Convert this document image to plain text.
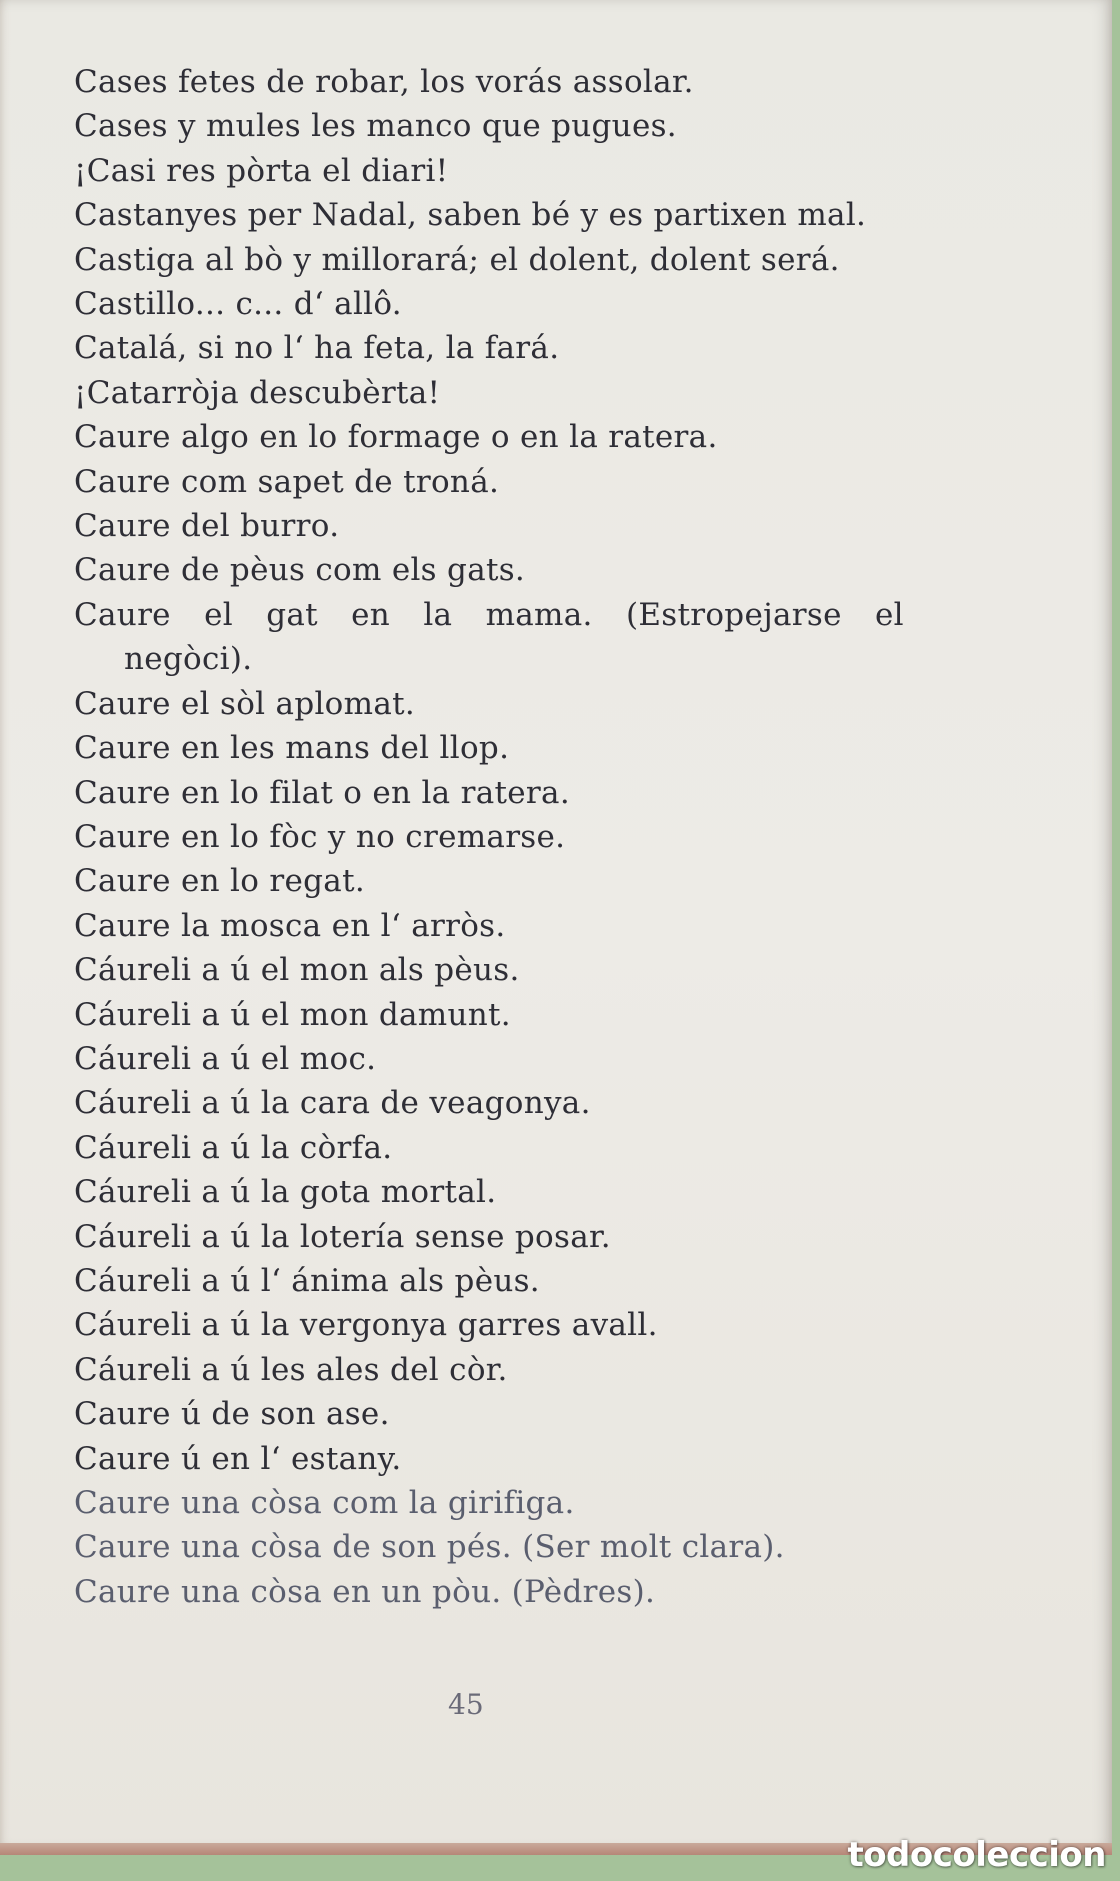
Cases fetes de robar, los vorás assolar.
Cases y mules les manco que pugues.
¡Casi res pòrta el diari!
Castanyes per Nadal, saben bé y es partixen mal.
Castiga al bò y millorará; el dolent, dolent será.
Castillo... c... d‘ allô.
Catalá, si no l‘ ha feta, la fará.
¡Catarròja descubèrta!
Caure algo en lo formage o en la ratera.
Caure com sapet de troná.
Caure del burro.
Caure de pèus com els gats.
Caure el gat en la mama. (Estropejarse el
negòci).
Caure el sòl aplomat.
Caure en les mans del llop.
Caure en lo filat o en la ratera.
Caure en lo fòc y no cremarse.
Caure en lo regat.
Caure la mosca en l‘ arròs.
Cáureli a ú el mon als pèus.
Cáureli a ú el mon damunt.
Cáureli a ú el moc.
Cáureli a ú la cara de veagonya.
Cáureli a ú la còrfa.
Cáureli a ú la gota mortal.
Cáureli a ú la lotería sense posar.
Cáureli a ú l‘ ánima als pèus.
Cáureli a ú la vergonya garres avall.
Cáureli a ú les ales del còr.
Caure ú de son ase.
Caure ú en l‘ estany.
Caure una còsa com la girifiga.
Caure una còsa de son pés. (Ser molt clara).
Caure una còsa en un pòu. (Pèdres).
45
todocoleccion
